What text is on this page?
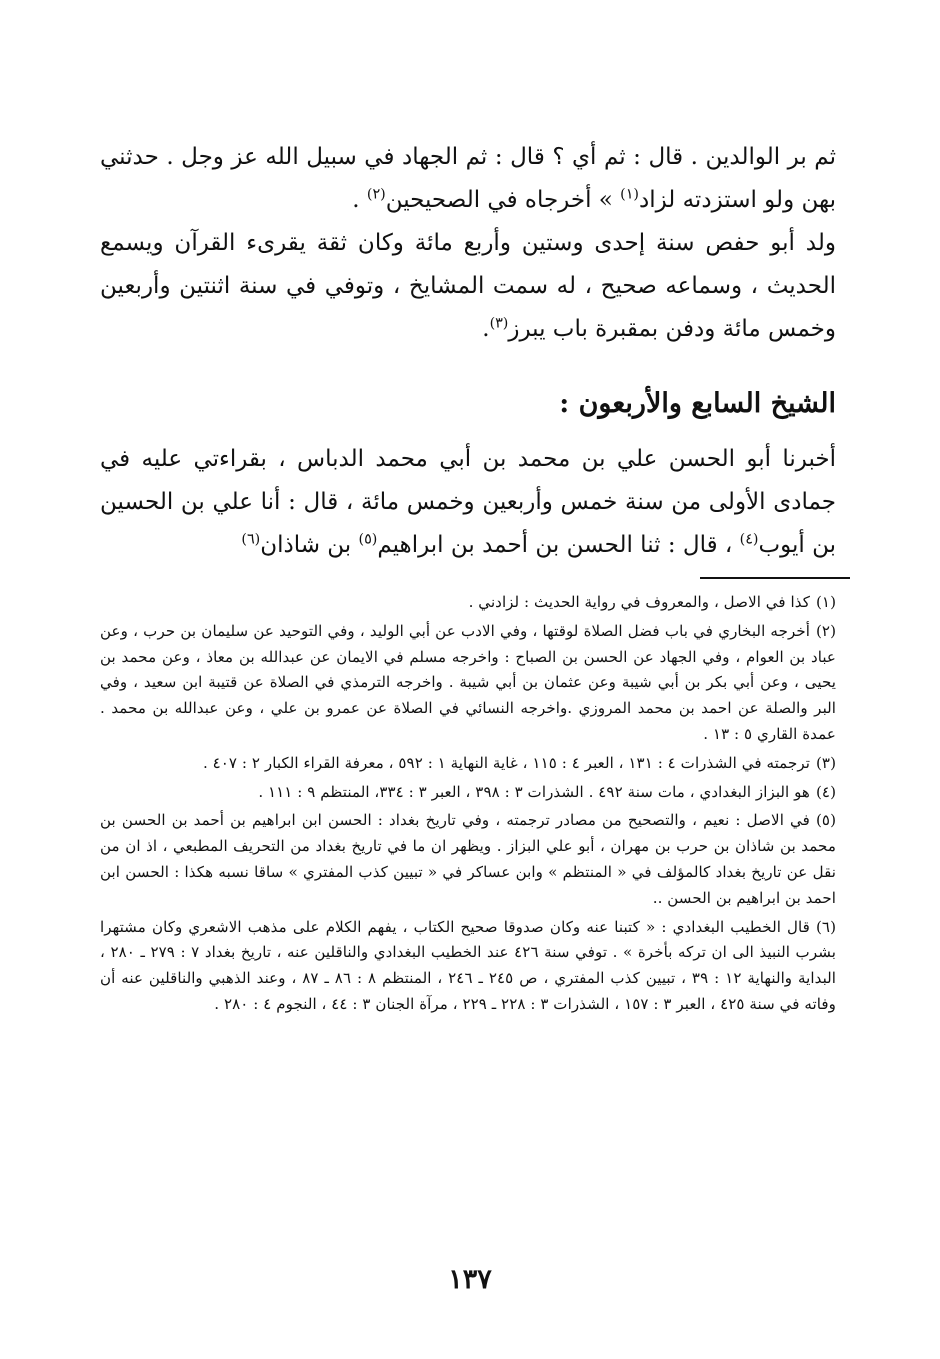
ثم بر الوالدين . قال : ثم أي ؟ قال : ثم الجهاد في سبيل الله عز وجل . حدثني بهن ولو استزدته لزاد$^{(١)}$ » أخرجاه في الصحيحين$^{(٢)}$ .

ولد أبو حفص سنة إحدى وستين وأربع مائة وكان ثقة يقرىء القرآن ويسمع الحديث ، وسماعه صحيح ، له سمت المشايخ ، وتوفي في سنة اثنتين وأربعين وخمس مائة ودفن بمقبرة باب يبرز$^{(٣)}$.

الشيخ السابع والأربعون :

أخبرنا أبو الحسن علي بن محمد بن أبي محمد الدباس ، بقراءتي عليه في جمادى الأولى من سنة خمس وأربعين وخمس مائة ، قال : أنا علي بن الحسين بن أيوب$^{(٤)}$ ، قال : ثنا الحسن بن أحمد بن ابراهيم$^{(٥)}$ بن شاذان$^{(٦)}$

(١)كذا في الاصل ، والمعروف في رواية الحديث : لزادني .

(٢)أخرجه البخاري في باب فضل الصلاة لوقتها ، وفي الادب عن أبي الوليد ، وفي التوحيد عن سليمان بن حرب ، وعن عباد بن العوام ، وفي الجهاد عن الحسن بن الصباح : واخرجه مسلم في الايمان عن عبدالله بن معاذ ، وعن محمد بن يحيى ، وعن أبي بكر بن أبي شيبة وعن عثمان بن أبي شيبة . واخرجه الترمذي في الصلاة عن قتيبة ابن سعيد ، وفي البر والصلة عن احمد بن محمد المروزي .واخرجه النسائي في الصلاة عن عمرو بن علي ، وعن عبدالله بن محمد . عمدة القاري ٥ : ١٣ .

(٣)ترجمته في الشذرات ٤ : ١٣١ ، العبر ٤ : ١١٥ ، غاية النهاية ١ : ٥٩٢ ، معرفة القراء الكبار ٢ : ٤٠٧ .

(٤)هو البزاز البغدادي ، مات سنة ٤٩٢ . الشذرات ٣ : ٣٩٨ ، العبر ٣ : ٣٣٤، المنتظم ٩ : ١١١ .

(٥)في الاصل : نعيم ، والتصحيح من مصادر ترجمته ، وفي تاريخ بغداد : الحسن ابن ابراهيم بن أحمد بن الحسن بن محمد بن شاذان بن حرب بن مهران ، أبو علي البزاز . ويظهر ان ما في تاريخ بغداد من التحريف المطبعي ، اذ ان من نقل عن تاريخ بغداد كالمؤلف في « المنتظم » وابن عساكر في « تبيين كذب المفتري » ساقا نسبه هكذا : الحسن ابن احمد بن ابراهيم بن الحسن ..

(٦)قال الخطيب البغدادي : « كتبنا عنه وكان صدوقا صحيح الكتاب ، يفهم الكلام على مذهب الاشعري وكان مشتهرا بشرب النبيذ الى ان تركه بأخرة » . توفي سنة ٤٢٦ عند الخطيب البغدادي والناقلين عنه ، تاريخ بغداد ٧ : ٢٧٩ ـ ٢٨٠ ، البداية والنهاية ١٢ : ٣٩ ، تبيين كذب المفتري ، ص ٢٤٥ ـ ٢٤٦ ، المنتظم ٨ : ٨٦ ـ ٨٧ ، وعند الذهبي والناقلين عنه أن وفاته في سنة ٤٢٥ ، العبر ٣ : ١٥٧ ، الشذرات ٣ : ٢٢٨ ـ ٢٢٩ ، مرآة الجنان ٣ : ٤٤ ، النجوم ٤ : ٢٨٠ .

١٣٧
